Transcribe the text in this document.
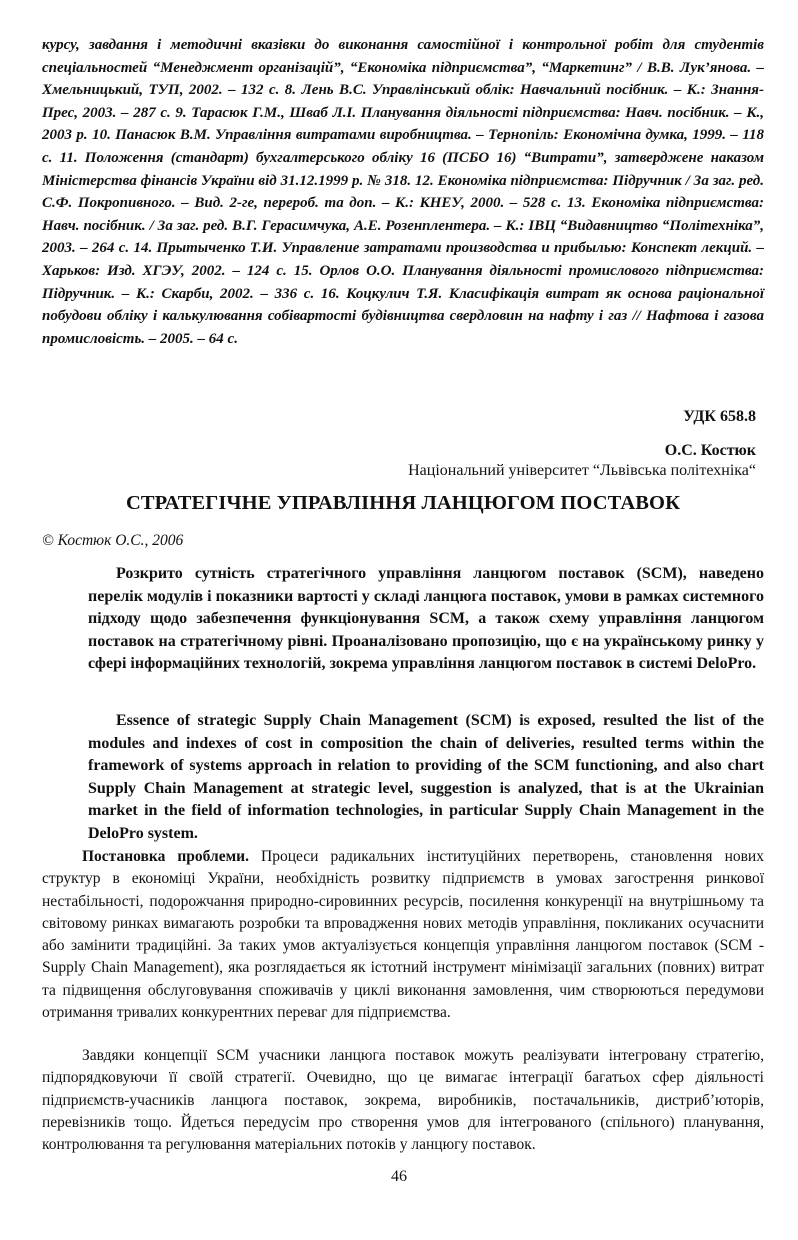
курсу, завдання і методичні вказівки до виконання самостійної і контрольної робіт для студентів спеціальностей “Менеджмент організацій”, “Економіка підприємства”, “Маркетинг” / В.В. Лук’янова. – Хмельницький, ТУП, 2002. – 132 с. 8. Лень В.С. Управлінський облік: Навчальний посібник. – К.: Знання-Прес, 2003. – 287 с. 9. Тарасюк Г.М., Шваб Л.І. Планування діяльності підприємства: Навч. посібник. – К., 2003 р. 10. Панасюк В.М. Управління витратами виробництва. – Тернопіль: Економічна думка, 1999. – 118 с. 11. Положення (стандарт) бухгалтерського обліку 16 (ПСБО 16) “Витрати”, затверджене наказом Міністерства фінансів України від 31.12.1999 р. № 318. 12. Економіка підприємства: Підручник / За заг. ред. С.Ф. Покропивного. – Вид. 2-ге, перероб. та доп. – К.: КНЕУ, 2000. – 528 с. 13. Економіка підприємства: Навч. посібник. / За заг. ред. В.Г. Герасимчука, А.Е. Розенплентера. – К.: ІВЦ “Видавництво “Політехніка”, 2003. – 264 с. 14. Прытыченко Т.И. Управление затратами производства и прибылью: Конспект лекций. – Харьков: Изд. ХГЭУ, 2002. – 124 с. 15. Орлов О.О. Планування діяльності промислового підприємства: Підручник. – К.: Скарби, 2002. – 336 с. 16. Коцкулич Т.Я. Класифікація витрат як основа раціональної побудови обліку і калькулювання собівартості будівництва свердловин на нафту і газ // Нафтова і газова промисловість. – 2005. – 64 с.
УДК 658.8
О.С. Костюк
Національний університет “Львівська політехніка“
СТРАТЕГІЧНЕ УПРАВЛІННЯ ЛАНЦЮГОМ ПОСТАВОК
© Костюк О.С., 2006
Розкрито сутність стратегічного управління ланцюгом поставок (SCM), наведено перелік модулів і показники вартості у складі ланцюга поставок, умови в рамках системного підходу щодо забезпечення функціонування SCM, а також схему управління ланцюгом поставок на стратегічному рівні. Проаналізовано пропозицію, що є на українському ринку у сфері інформаційних технологій, зокрема управління ланцюгом поставок в системі DeloPro.
Essence of strategic Supply Chain Management (SCM) is exposed, resulted the list of the modules and indexes of cost in composition the chain of deliveries, resulted terms within the framework of systems approach in relation to providing of the SCM functioning, and also chart Supply Chain Management at strategic level, suggestion is analyzed, that is at the Ukrainian market in the field of information technologies, in particular Supply Chain Management in the DeloPro system.
Постановка проблеми. Процеси радикальних інституційних перетворень, становлення нових структур в економіці України, необхідність розвитку підприємств в умовах загострення ринкової нестабільності, подорожчання природно-сировинних ресурсів, посилення конкуренції на внутрішньому та світовому ринках вимагають розробки та впровадження нових методів управління, покликаних осучаснити або замінити традиційні. За таких умов актуалізується концепція управління ланцюгом поставок (SCM - Supply Chain Management), яка розглядається як істотний інструмент мінімізації загальних (повних) витрат та підвищення обслуговування споживачів у циклі виконання замовлення, чим створюються передумови отримання тривалих конкурентних переваг для підприємства.
Завдяки концепції SCM учасники ланцюга поставок можуть реалізувати інтегровану стратегію, підпорядковуючи її своїй стратегії. Очевидно, що це вимагає інтеграції багатьох сфер діяльності підприємств-учасників ланцюга поставок, зокрема, виробників, постачальників, дистриб’юторів, перевізників тощо. Йдеться передусім про створення умов для інтегрованого (спільного) планування, контролювання та регулювання матеріальних потоків у ланцюгу поставок.
46
